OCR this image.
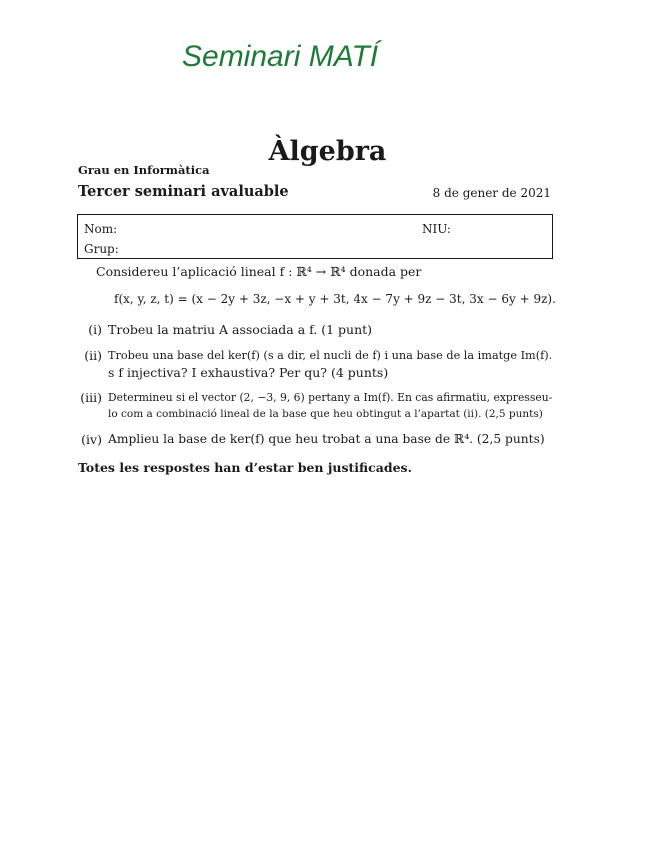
Seminari MATÍ
Àlgebra
Grau en Informàtica
Tercer seminari avaluable	8 de gener de 2021
Nom:	NIU:
Grup:
Considereu l’aplicació lineal f : ℝ⁴ → ℝ⁴ donada per
f(x, y, z, t) = (x − 2y + 3z, −x + y + 3t, 4x − 7y + 9z − 3t, 3x − 6y + 9z).
(i) Trobeu la matriu A associada a f. (1 punt)
(ii) Trobeu una base del ker(f) (s a dir, el nucli de f) i una base de la imatge Im(f).
s f injectiva? I exhaustiva? Per qu? (4 punts)
(iii) Determineu si el vector (2, −3, 9, 6) pertany a Im(f). En cas afirmatiu, expresseu-
lo com a combinació lineal de la base que heu obtingut a l’apartat (ii). (2,5 punts)
(iv) Amplieu la base de ker(f) que heu trobat a una base de ℝ⁴. (2,5 punts)
Totes les respostes han d’estar ben justificades.
